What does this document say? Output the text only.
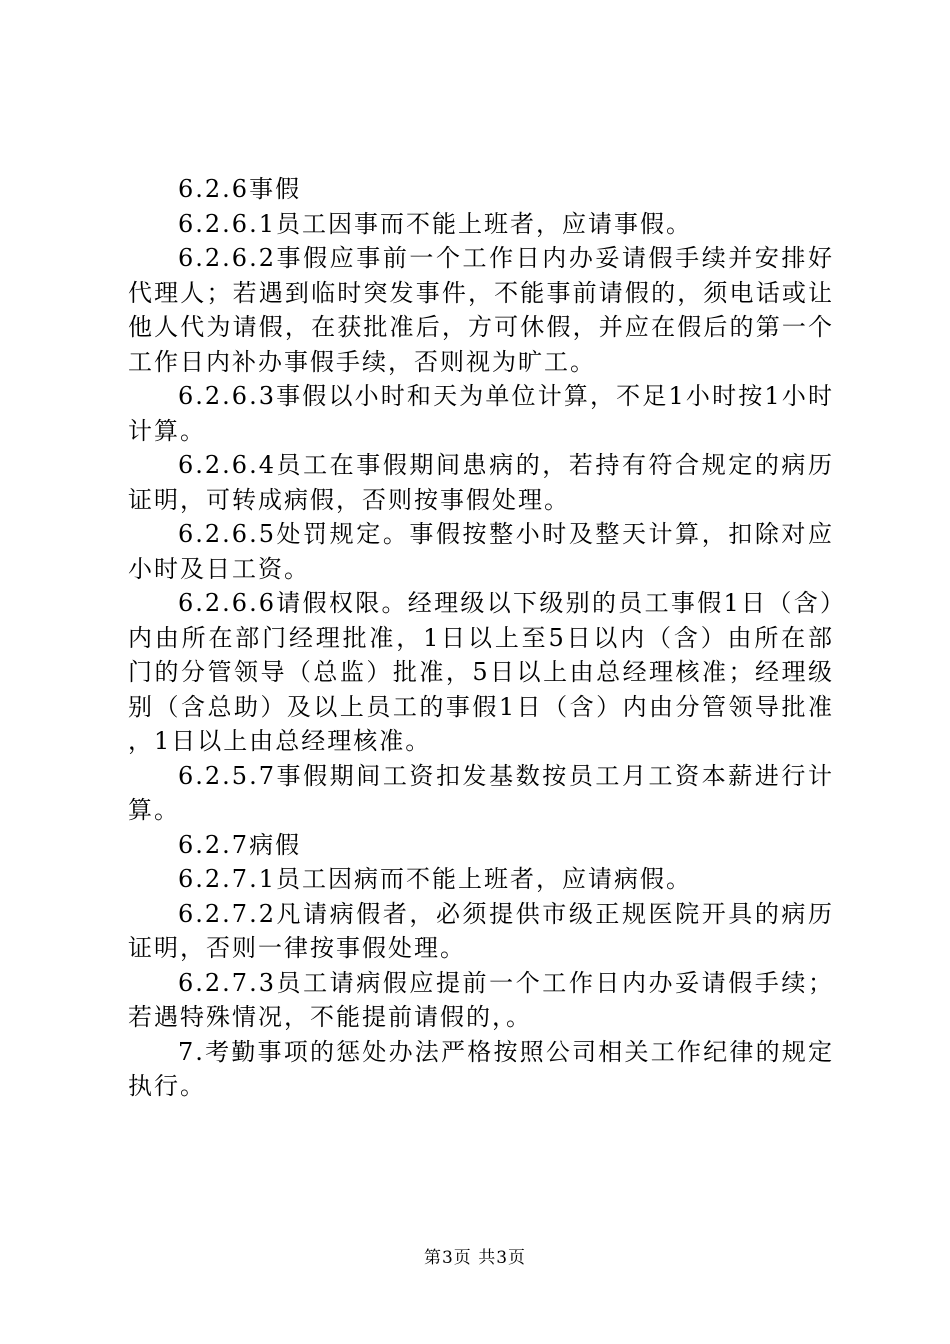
6.2.6事假

6.2.6.1员工因事而不能上班者，应请事假。

6.2.6.2事假应事前一个工作日内办妥请假手续并安排好代理人；若遇到临时突发事件，不能事前请假的，须电话或让他人代为请假，在获批准后，方可休假，并应在假后的第一个工作日内补办事假手续，否则视为旷工。

6.2.6.3事假以小时和天为单位计算，不足1小时按1小时计算。

6.2.6.4员工在事假期间患病的，若持有符合规定的病历证明，可转成病假，否则按事假处理。

6.2.6.5处罚规定。事假按整小时及整天计算，扣除对应小时及日工资。

6.2.6.6请假权限。经理级以下级别的员工事假1日（含）内由所在部门经理批准，1日以上至5日以内（含）由所在部门的分管领导（总监）批准，5日以上由总经理核准；经理级别（含总助）及以上员工的事假1日（含）内由分管领导批准，1日以上由总经理核准。

6.2.5.7事假期间工资扣发基数按员工月工资本薪进行计算。

6.2.7病假

6.2.7.1员工因病而不能上班者，应请病假。

6.2.7.2凡请病假者，必须提供市级正规医院开具的病历证明，否则一律按事假处理。

6.2.7.3员工请病假应提前一个工作日内办妥请假手续；若遇特殊情况，不能提前请假的，。

7.考勤事项的惩处办法严格按照公司相关工作纪律的规定执行。

第3页 共3页
